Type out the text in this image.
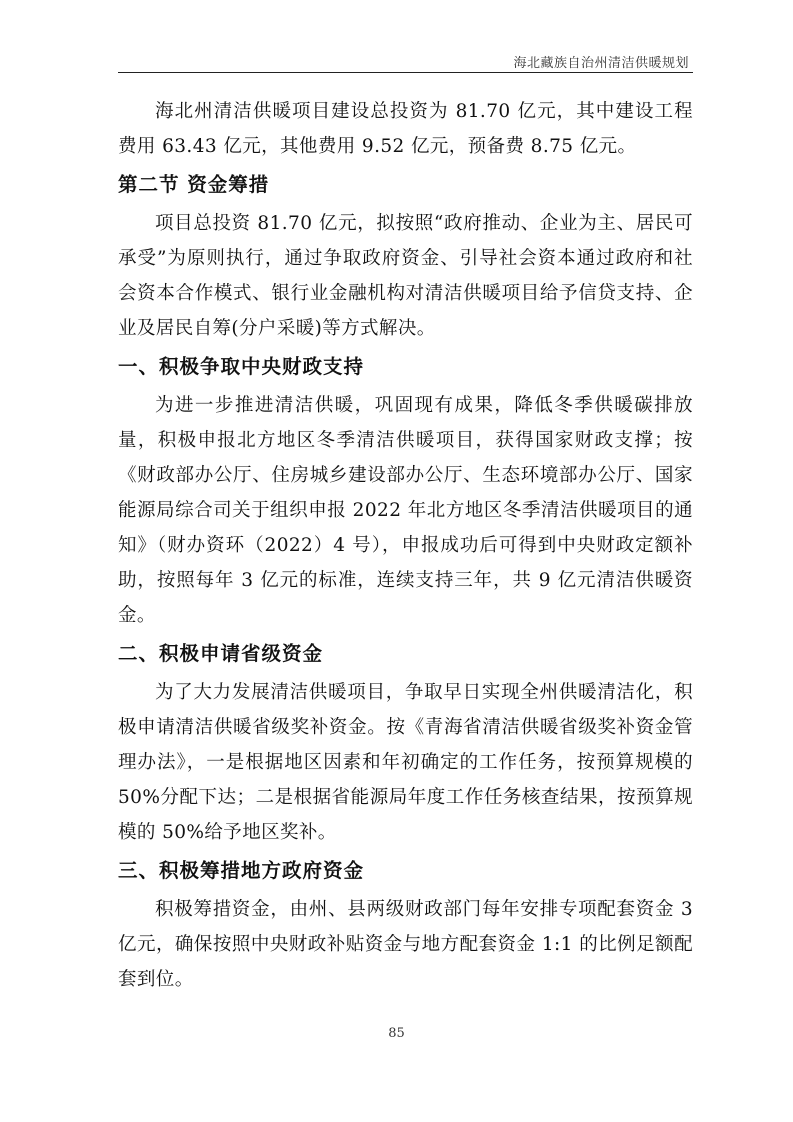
海北藏族自治州清洁供暖规划

海北州清洁供暖项目建设总投资为 81.70 亿元，其中建设工程费用 63.43 亿元，其他费用 9.52 亿元，预备费 8.75 亿元。

第二节 资金筹措

项目总投资 81.70 亿元，拟按照“政府推动、企业为主、居民可承受”为原则执行，通过争取政府资金、引导社会资本通过政府和社会资本合作模式、银行业金融机构对清洁供暖项目给予信贷支持、企业及居民自筹(分户采暖)等方式解决。

一、积极争取中央财政支持

为进一步推进清洁供暖，巩固现有成果，降低冬季供暖碳排放量，积极申报北方地区冬季清洁供暖项目，获得国家财政支撑；按《财政部办公厅、住房城乡建设部办公厅、生态环境部办公厅、国家能源局综合司关于组织申报 2022 年北方地区冬季清洁供暖项目的通知》（财办资环（2022）4 号），申报成功后可得到中央财政定额补助，按照每年 3 亿元的标准，连续支持三年，共 9 亿元清洁供暖资金。

二、积极申请省级资金

为了大力发展清洁供暖项目，争取早日实现全州供暖清洁化，积极申请清洁供暖省级奖补资金。按《青海省清洁供暖省级奖补资金管理办法》，一是根据地区因素和年初确定的工作任务，按预算规模的 50%分配下达；二是根据省能源局年度工作任务核查结果，按预算规模的 50%给予地区奖补。

三、积极筹措地方政府资金

积极筹措资金，由州、县两级财政部门每年安排专项配套资金 3 亿元，确保按照中央财政补贴资金与地方配套资金 1:1 的比例足额配套到位。

85
